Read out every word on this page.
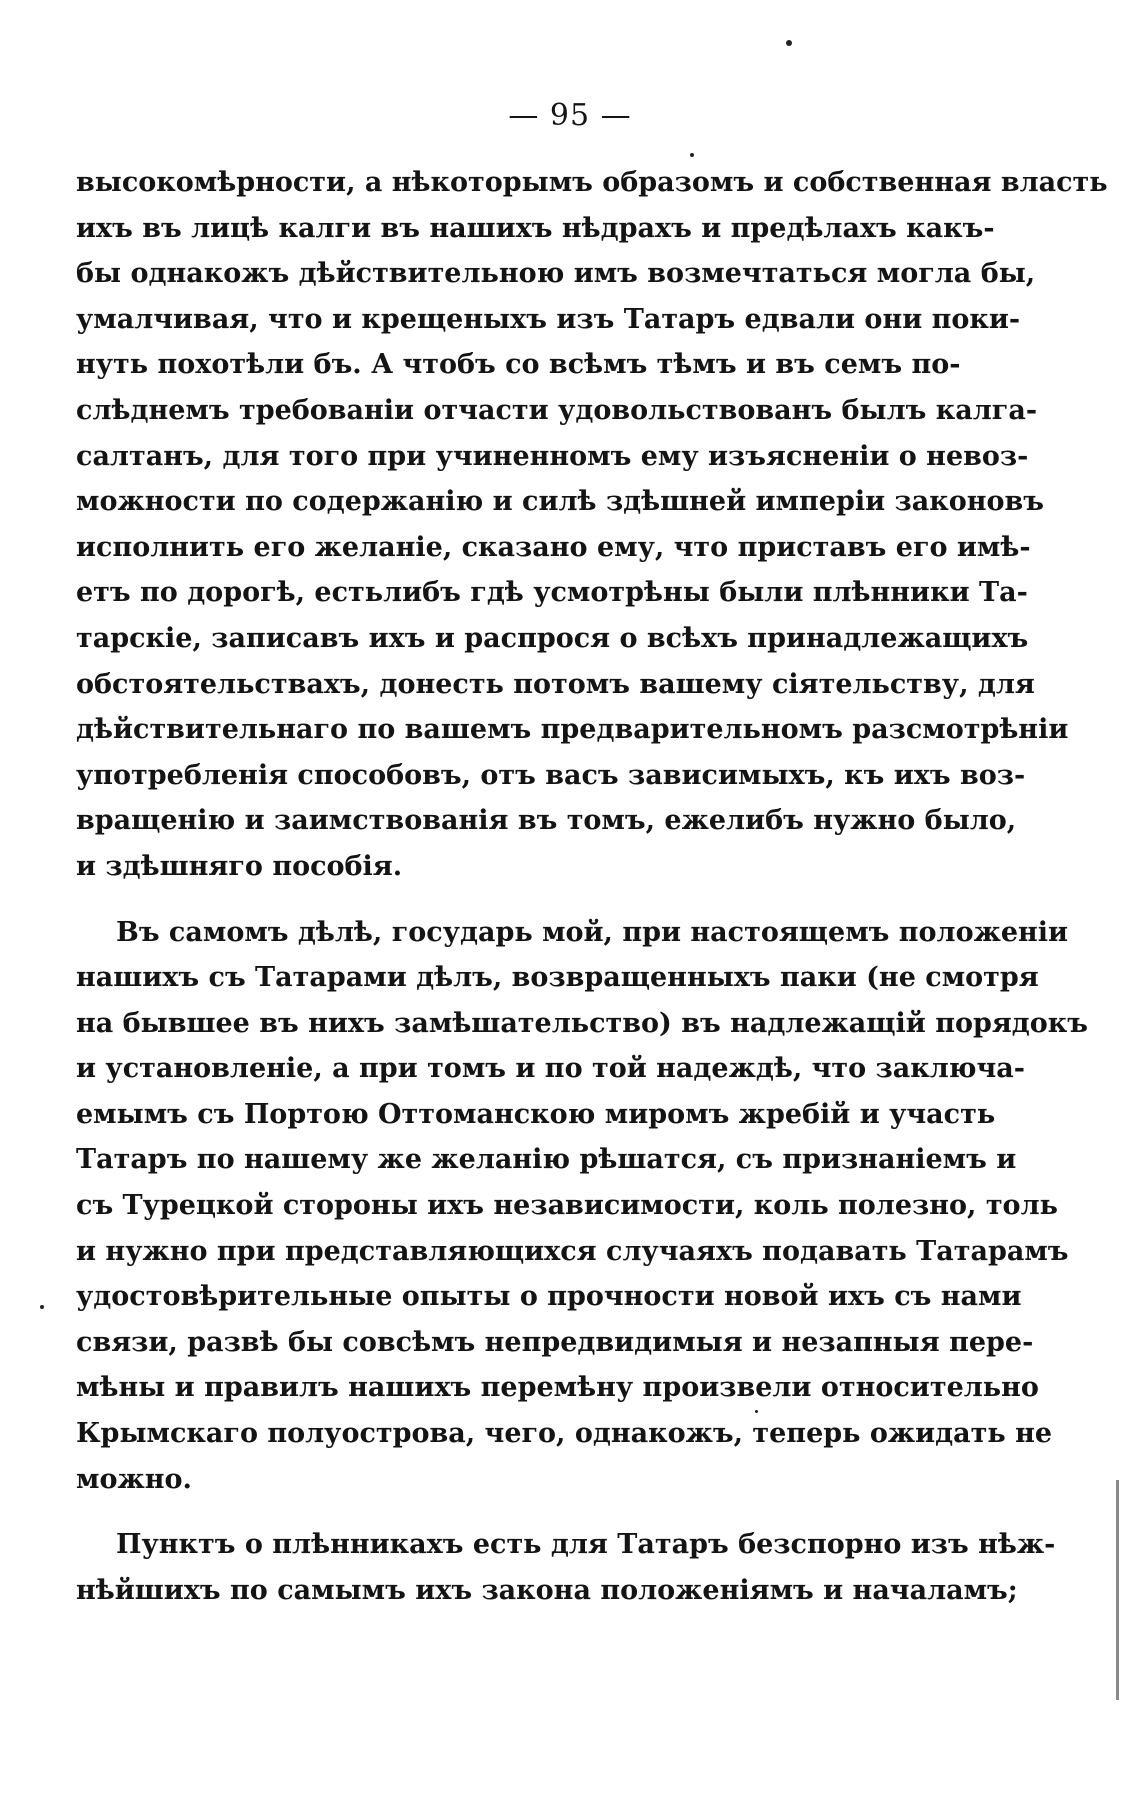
— 95 —
высокомѣрности, а нѣкоторымъ образомъ и собственная власть
ихъ въ лицѣ калги въ нашихъ нѣдрахъ и предѣлахъ какъ-
бы однакожъ дѣйствительною имъ возмечтаться могла бы,
умалчивая, что и крещеныхъ изъ Татаръ едвали они поки-
нуть похотѣли бъ. А чтобъ со всѣмъ тѣмъ и въ семъ по-
слѣднемъ требованіи отчасти удовольствованъ былъ калга-
салтанъ, для того при учиненномъ ему изъясненіи о невоз-
можности по содержанію и силѣ здѣшней имперіи законовъ
исполнить его желаніе, сказано ему, что приставъ его имѣ-
етъ по дорогѣ, естьлибъ гдѣ усмотрѣны были плѣнники Та-
тарскіе, записавъ ихъ и распрося о всѣхъ принадлежащихъ
обстоятельствахъ, донесть потомъ вашему сіятельству, для
дѣйствительнаго по вашемъ предварительномъ разсмотрѣніи
употребленія способовъ, отъ васъ зависимыхъ, къ ихъ воз-
вращенію и заимствованія въ томъ, ежелибъ нужно было,
и здѣшняго пособія.
Въ самомъ дѣлѣ, государь мой, при настоящемъ положеніи
нашихъ съ Татарами дѣлъ, возвращенныхъ паки (не смотря
на бывшее въ нихъ замѣшательство) въ надлежащій порядокъ
и установленіе, а при томъ и по той надеждѣ, что заключа-
емымъ съ Портою Оттоманскою миромъ жребій и участь
Татаръ по нашему же желанію рѣшатся, съ признаніемъ и
съ Турецкой стороны ихъ независимости, коль полезно, толь
и нужно при представляющихся случаяхъ подавать Татарамъ
удостовѣрительные опыты о прочности новой ихъ съ нами
связи, развѣ бы совсѣмъ непредвидимыя и незапныя пере-
мѣны и правилъ нашихъ перемѣну произвели относительно
Крымскаго полуострова, чего, однакожъ, теперь ожидать не
можно.
Пунктъ о плѣнникахъ есть для Татаръ безспорно изъ нѣж-
нѣйшихъ по самымъ ихъ закона положеніямъ и началамъ;
